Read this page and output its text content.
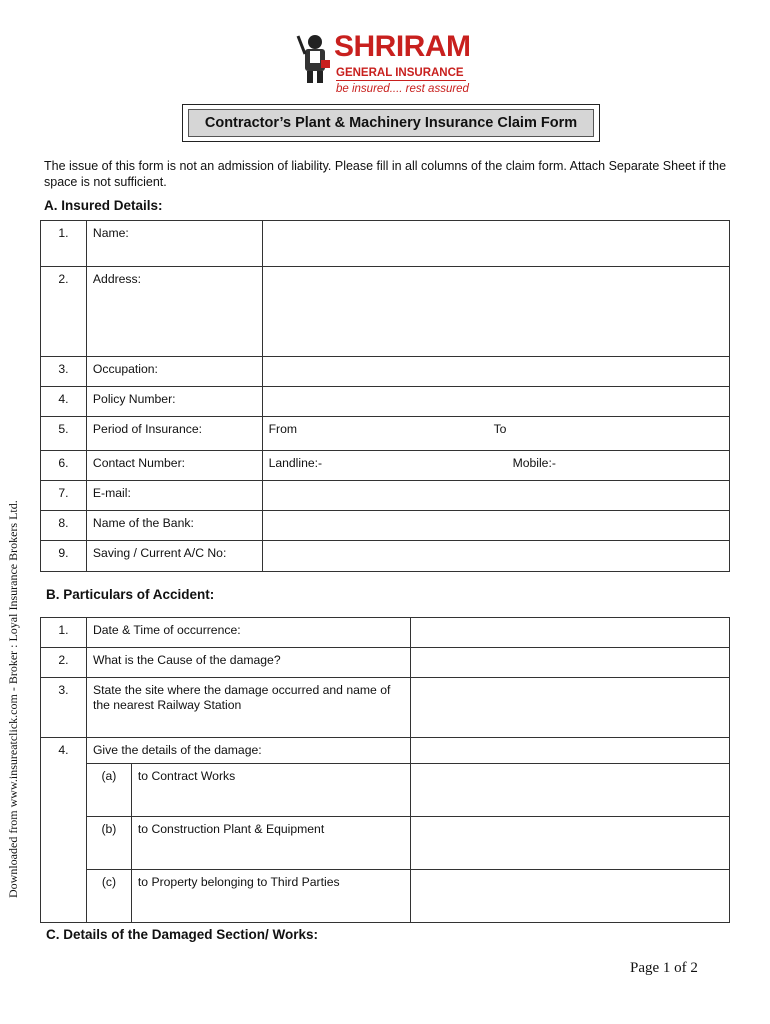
SHRIRAM
GENERAL INSURANCE
be insured.... rest assured
Contractor’s Plant & Machinery Insurance Claim Form
The issue of this form is not an admission of liability. Please fill in all columns of the claim form. Attach Separate Sheet if the space is not sufficient.
A. Insured Details:
1.	Name:	
2.	Address:	
3.	Occupation:	
4.	Policy Number:	
5.	Period of Insurance:	From To

6.	Contact Number:	Landline:- Mobile:-

7.	E-mail:	
8.	Name of the Bank:	
9.	Saving / Current A/C No:	
B. Particulars of Accident:
1.	Date & Time of occurrence:		
2.	What is the Cause of the damage?		
3.	State the site where the damage occurred and name of the nearest Railway Station		
4.	Give the details of the damage:		
	(a)	to Contract Works	
	(b)	to Construction Plant & Equipment	
	(c)	to Property belonging to Third Parties	
C. Details of the Damaged Section/ Works:
Downloaded from www.insureatclick.com - Broker : Loyal Insurance Brokers Ltd.
Page 1 of 2
